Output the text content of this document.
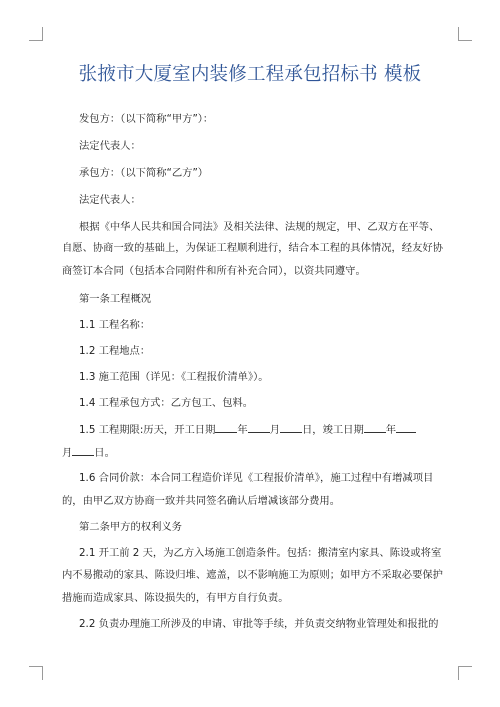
张掖市大厦室内装修工程承包招标书 模板
发包方：（以下简称“甲方”）：
法定代表人：
承包方：（以下简称“乙方”）
法定代表人：
根据《中华人民共和国合同法》及相关法律、法规的规定，甲、乙双方在平等、
自愿、协商一致的基础上，为保证工程顺利进行，结合本工程的具体情况，经友好协
商签订本合同（包括本合同附件和所有补充合同），以资共同遵守。
第一条工程概况
1.1 工程名称：
1.2 工程地点：
1.3 施工范围（详见：《工程报价清单》）。
1.4 工程承包方式：乙方包工、包料。
1.5 工程期限:历天，开工日期 年 月 日，竣工日期 年
月 日。
1.6 合同价款：本合同工程造价详见《工程报价清单》，施工过程中有增减项目
的，由甲乙双方协商一致并共同签名确认后增减该部分费用。
第二条甲方的权利义务
2.1 开工前 2 天，为乙方入场施工创造条件。包括：搬清室内家具、陈设或将室
内不易搬动的家具、陈设归堆、遮盖，以不影响施工为原则；如甲方不采取必要保护
措施而造成家具、陈设损失的，有甲方自行负责。
2.2 负责办理施工所涉及的申请、审批等手续，并负责交纳物业管理处和报批的
